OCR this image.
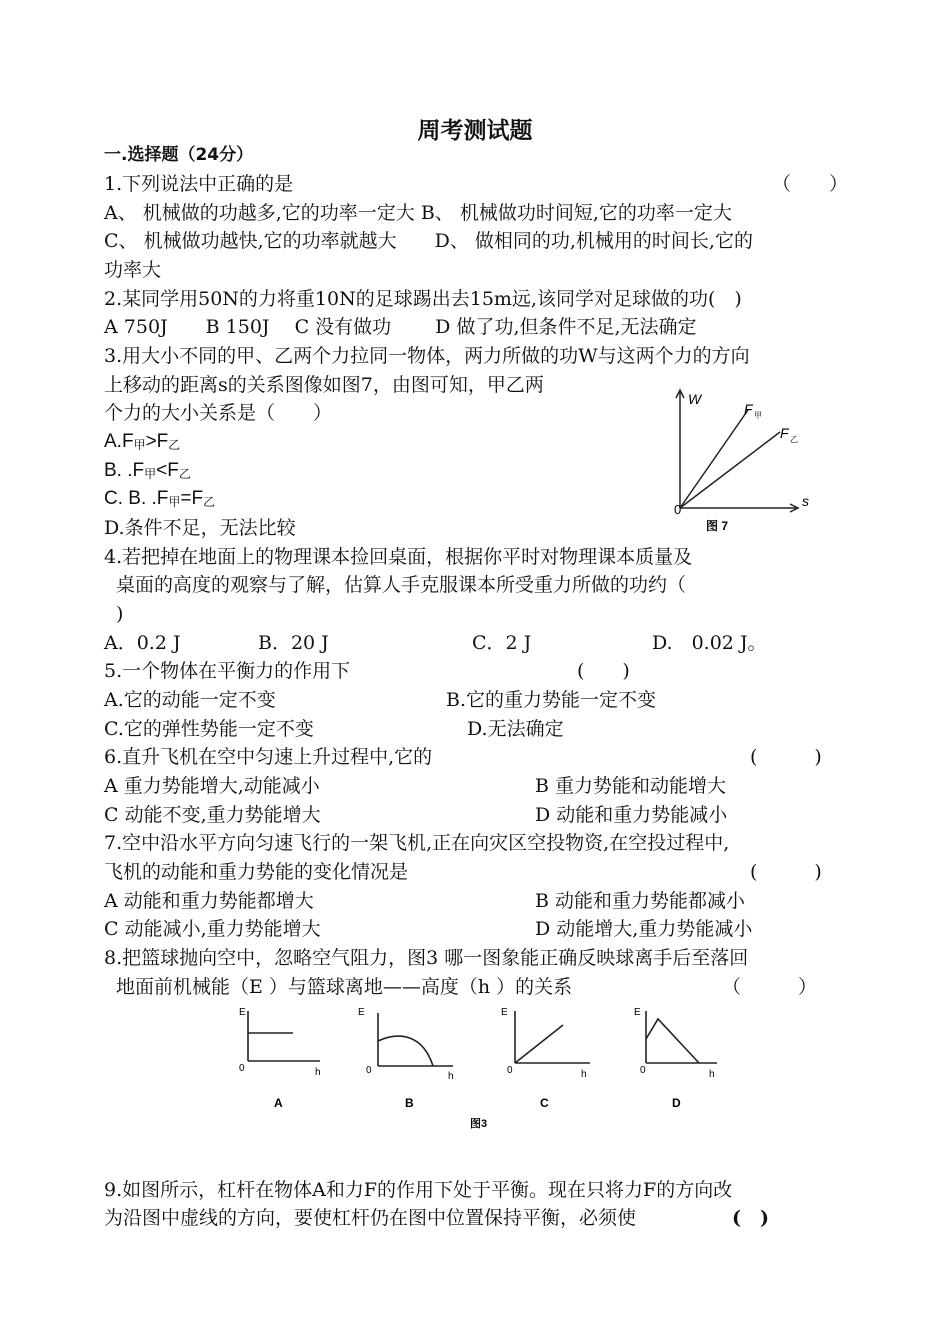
周考测试题
一.选择题（24分）
1.下列说法中正确的是	（　　）
A、 机械做的功越多,它的功率一定大 B、 机械做功时间短,它的功率一定大
C、 机械做功越快,它的功率就越大　　D、 做相同的功,机械用的时间长,它的
功率大
2.某同学用50N的力将重10N的足球踢出去15m远,该同学对足球做的功(　)
A 750J　　B 150J　 C 没有做功　　 D 做了功,但条件不足,无法确定
3.用大小不同的甲、乙两个力拉同一物体，两力所做的功W与这两个力的方向
上移动的距离s的关系图像如图7，由图可知，甲乙两
个力的大小关系是（　　）
$A.F_甲>F_乙$
B. $.F_甲<F_乙$
C. B. $.F_甲=F_乙$
D.条件不足，无法比较
W
s
0
F 甲
F 乙
图 7
4.若把掉在地面上的物理课本捡回桌面，根据你平时对物理课本质量及
桌面的高度的观察与了解，估算人手克服课本所受重力所做的功约（
)
A．0.2 J	B．20 J	C．2 J	D.　0.02 J。
5.一个物体在平衡力的作用下	(　　)
A.它的动能一定不变	B.它的重力势能一定不变
C.它的弹性势能一定不变	D.无法确定
6.直升飞机在空中匀速上升过程中,它的	(　　　)
A 重力势能增大,动能减小	B 重力势能和动能增大
C 动能不变,重力势能增大	D 动能和重力势能减小
7.空中沿水平方向匀速飞行的一架飞机,正在向灾区空投物资,在空投过程中,
飞机的动能和重力势能的变化情况是	(　　　)
A 动能和重力势能都增大	B 动能和重力势能都减小
C 动能减小,重力势能增大	D 动能增大,重力势能减小
8.把篮球抛向空中，忽略空气阻力，图3 哪一图象能正确反映球离手后至落回
地面前机械能（E ）与篮球离地——高度（h ）的关系	（　　　）
E
0	h
E
0
h
E
0	h
E
0	h
A	B	C	D
图3
9.如图所示，杠杆在物体A和力F的作用下处于平衡。现在只将力F的方向改
为沿图中虚线的方向，要使杠杆仍在图中位置保持平衡，必须使	(　)
